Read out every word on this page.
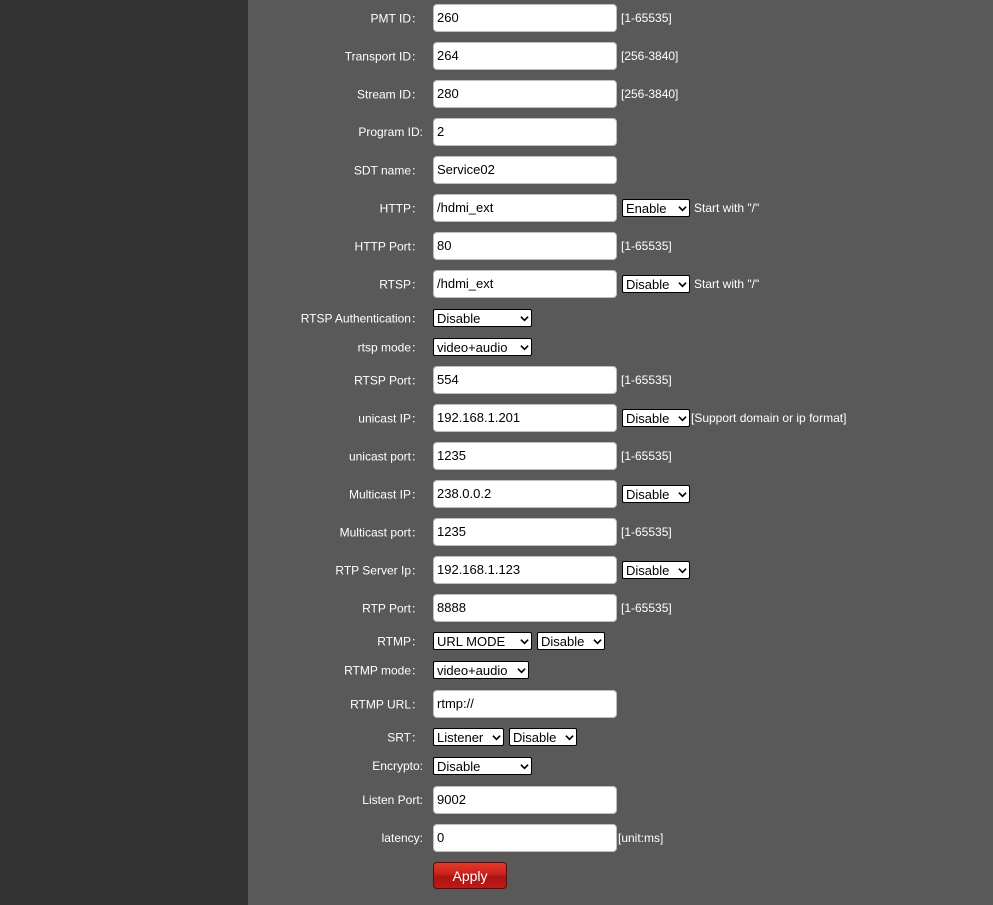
PMT ID：	260	[1-65535]
Transport ID：	264	[256-3840]
Stream ID：	280	[256-3840]
Program ID:	2
SDT name：	Service02
HTTP：	/hdmi_ext	Enable	Start with "/"
HTTP Port：	80	[1-65535]
RTSP：	/hdmi_ext	Disable	Start with "/"
RTSP Authentication： Disable
rtsp mode： video+audio
RTSP Port：	554	[1-65535]
unicast IP：	192.168.1.201	Disable	[Support domain or ip format]
unicast port：	1235	[1-65535]
Multicast IP：	238.0.0.2	Disable
Multicast port：	1235	[1-65535]
RTP Server Ip：	192.168.1.123	Disable
RTP Port：	8888	[1-65535]
RTMP： URL MODE	Disable
RTMP mode： video+audio
RTMP URL：	rtmp://
SRT： Listener	Disable
Encrypto: Disable
Listen Port:	9002
latency:	0	[unit:ms]
Apply
